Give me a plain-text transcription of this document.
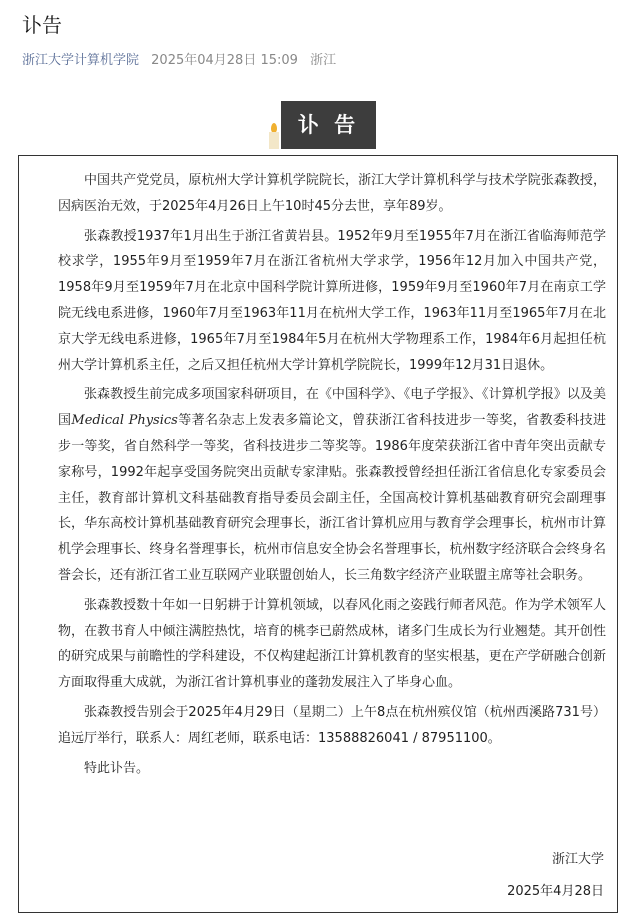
讣告
浙江大学计算机学院 2025年04月28日 15:09 浙江
讣 告

中国共产党党员，原杭州大学计算机学院院长，浙江大学计算机科学与技术学院张森教授，因病医治无效，于2025年4月26日上午10时45分去世，享年89岁。

张森教授1937年1月出生于浙江省黄岩县。1952年9月至1955年7月在浙江省临海师范学校求学，1955年9月至1959年7月在浙江省杭州大学求学，1956年12月加入中国共产党，1958年9月至1959年7月在北京中国科学院计算所进修，1959年9月至1960年7月在南京工学院无线电系进修，1960年7月至1963年11月在杭州大学工作，1963年11月至1965年7月在北京大学无线电系进修，1965年7月至1984年5月在杭州大学物理系工作，1984年6月起担任杭州大学计算机系主任，之后又担任杭州大学计算机学院院长，1999年12月31日退休。

张森教授生前完成多项国家科研项目，在《中国科学》、《电子学报》、《计算机学报》以及美国Medical Physics等著名杂志上发表多篇论文，曾获浙江省科技进步一等奖，省教委科技进步一等奖，省自然科学一等奖，省科技进步二等奖等。1986年度荣获浙江省中青年突出贡献专家称号，1992年起享受国务院突出贡献专家津贴。张森教授曾经担任浙江省信息化专家委员会主任，教育部计算机文科基础教育指导委员会副主任，全国高校计算机基础教育研究会副理事长，华东高校计算机基础教育研究会理事长，浙江省计算机应用与教育学会理事长，杭州市计算机学会理事长、终身名誉理事长，杭州市信息安全协会名誉理事长，杭州数字经济联合会终身名誉会长，还有浙江省工业互联网产业联盟创始人，长三角数字经济产业联盟主席等社会职务。

张森教授数十年如一日躬耕于计算机领域，以春风化雨之姿践行师者风范。作为学术领军人物，在教书育人中倾注满腔热忱，培育的桃李已蔚然成林，诸多门生成长为行业翘楚。其开创性的研究成果与前瞻性的学科建设，不仅构建起浙江计算机教育的坚实根基，更在产学研融合创新方面取得重大成就，为浙江省计算机事业的蓬勃发展注入了毕身心血。

张森教授告别会于2025年4月29日（星期二）上午8点在杭州殡仪馆（杭州西溪路731号）追远厅举行，联系人：周红老师，联系电话：13588826041 / 87951100。

特此讣告。

浙江大学
2025年4月28日
